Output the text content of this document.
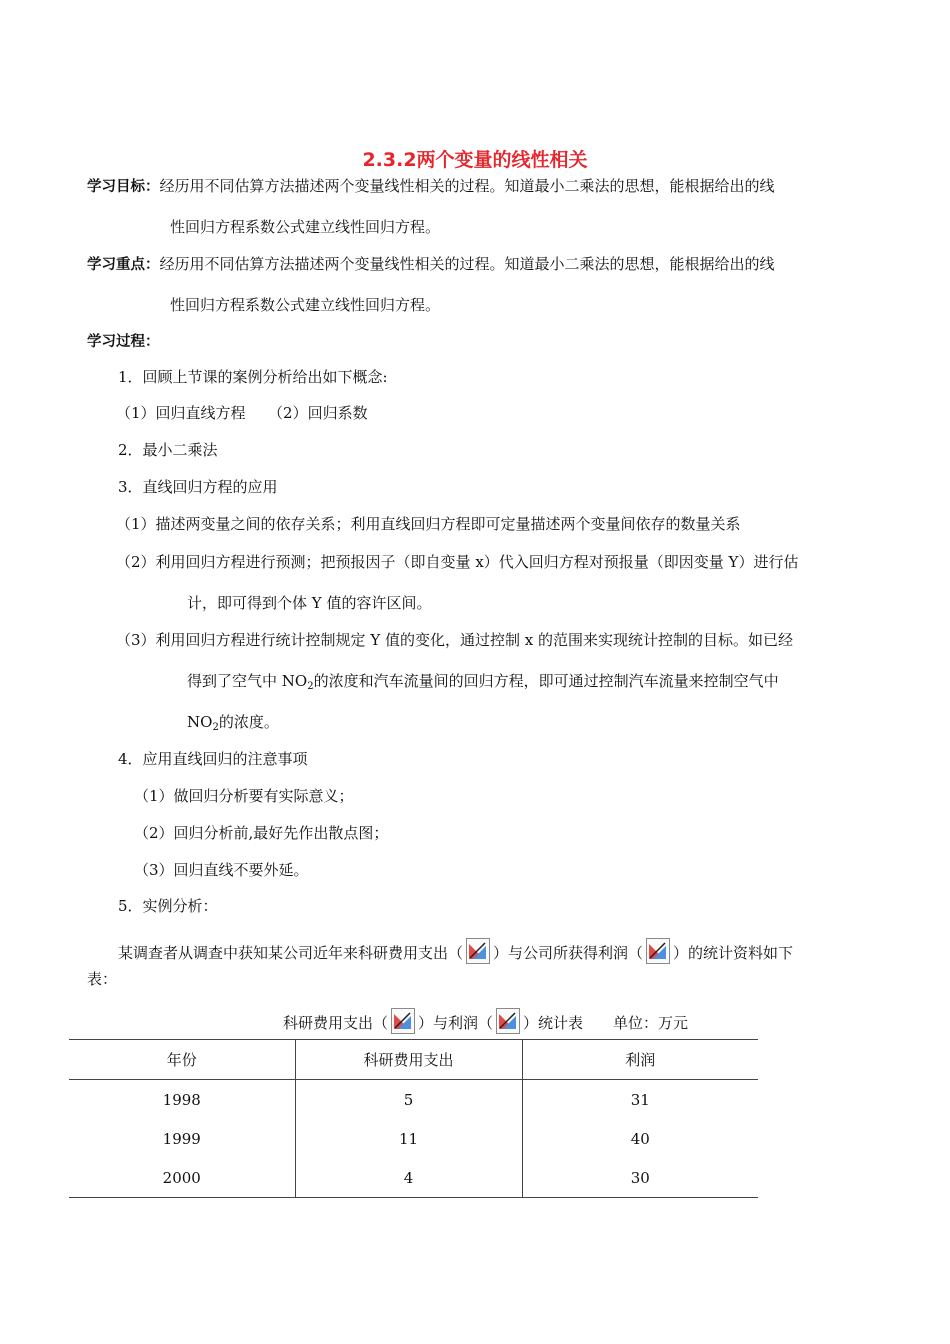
2.3.2两个变量的线性相关
学习目标：经历用不同估算方法描述两个变量线性相关的过程。知道最小二乘法的思想，能根据给出的线
性回归方程系数公式建立线性回归方程。
学习重点：经历用不同估算方法描述两个变量线性相关的过程。知道最小二乘法的思想，能根据给出的线
性回归方程系数公式建立线性回归方程。
学习过程：
1．回顾上节课的案例分析给出如下概念:
（1）回归直线方程　　（2）回归系数
2．最小二乘法
3．直线回归方程的应用
（1）描述两变量之间的依存关系；利用直线回归方程即可定量描述两个变量间依存的数量关系
（2）利用回归方程进行预测；把预报因子（即自变量 x）代入回归方程对预报量（即因变量 Y）进行估
计，即可得到个体 Y 值的容许区间。
（3）利用回归方程进行统计控制规定 Y 值的变化，通过控制 x 的范围来实现统计控制的目标。如已经
得到了空气中 $NO_2$的浓度和汽车流量间的回归方程，即可通过控制汽车流量来控制空气中
$NO_2$的浓度。
4．应用直线回归的注意事项
（1）做回归分析要有实际意义；
（2）回归分析前,最好先作出散点图；
（3）回归直线不要外延。
5．实例分析：
某调查者从调查中获知某公司近年来科研费用支出（ ）与公司所获得利润（ ）的统计资料如下
表：
科研费用支出（ ）与利润（ ）统计表　　单位：万元
年份	科研费用支出	利润
1998	5	31
1999	11	40
2000	4	30
